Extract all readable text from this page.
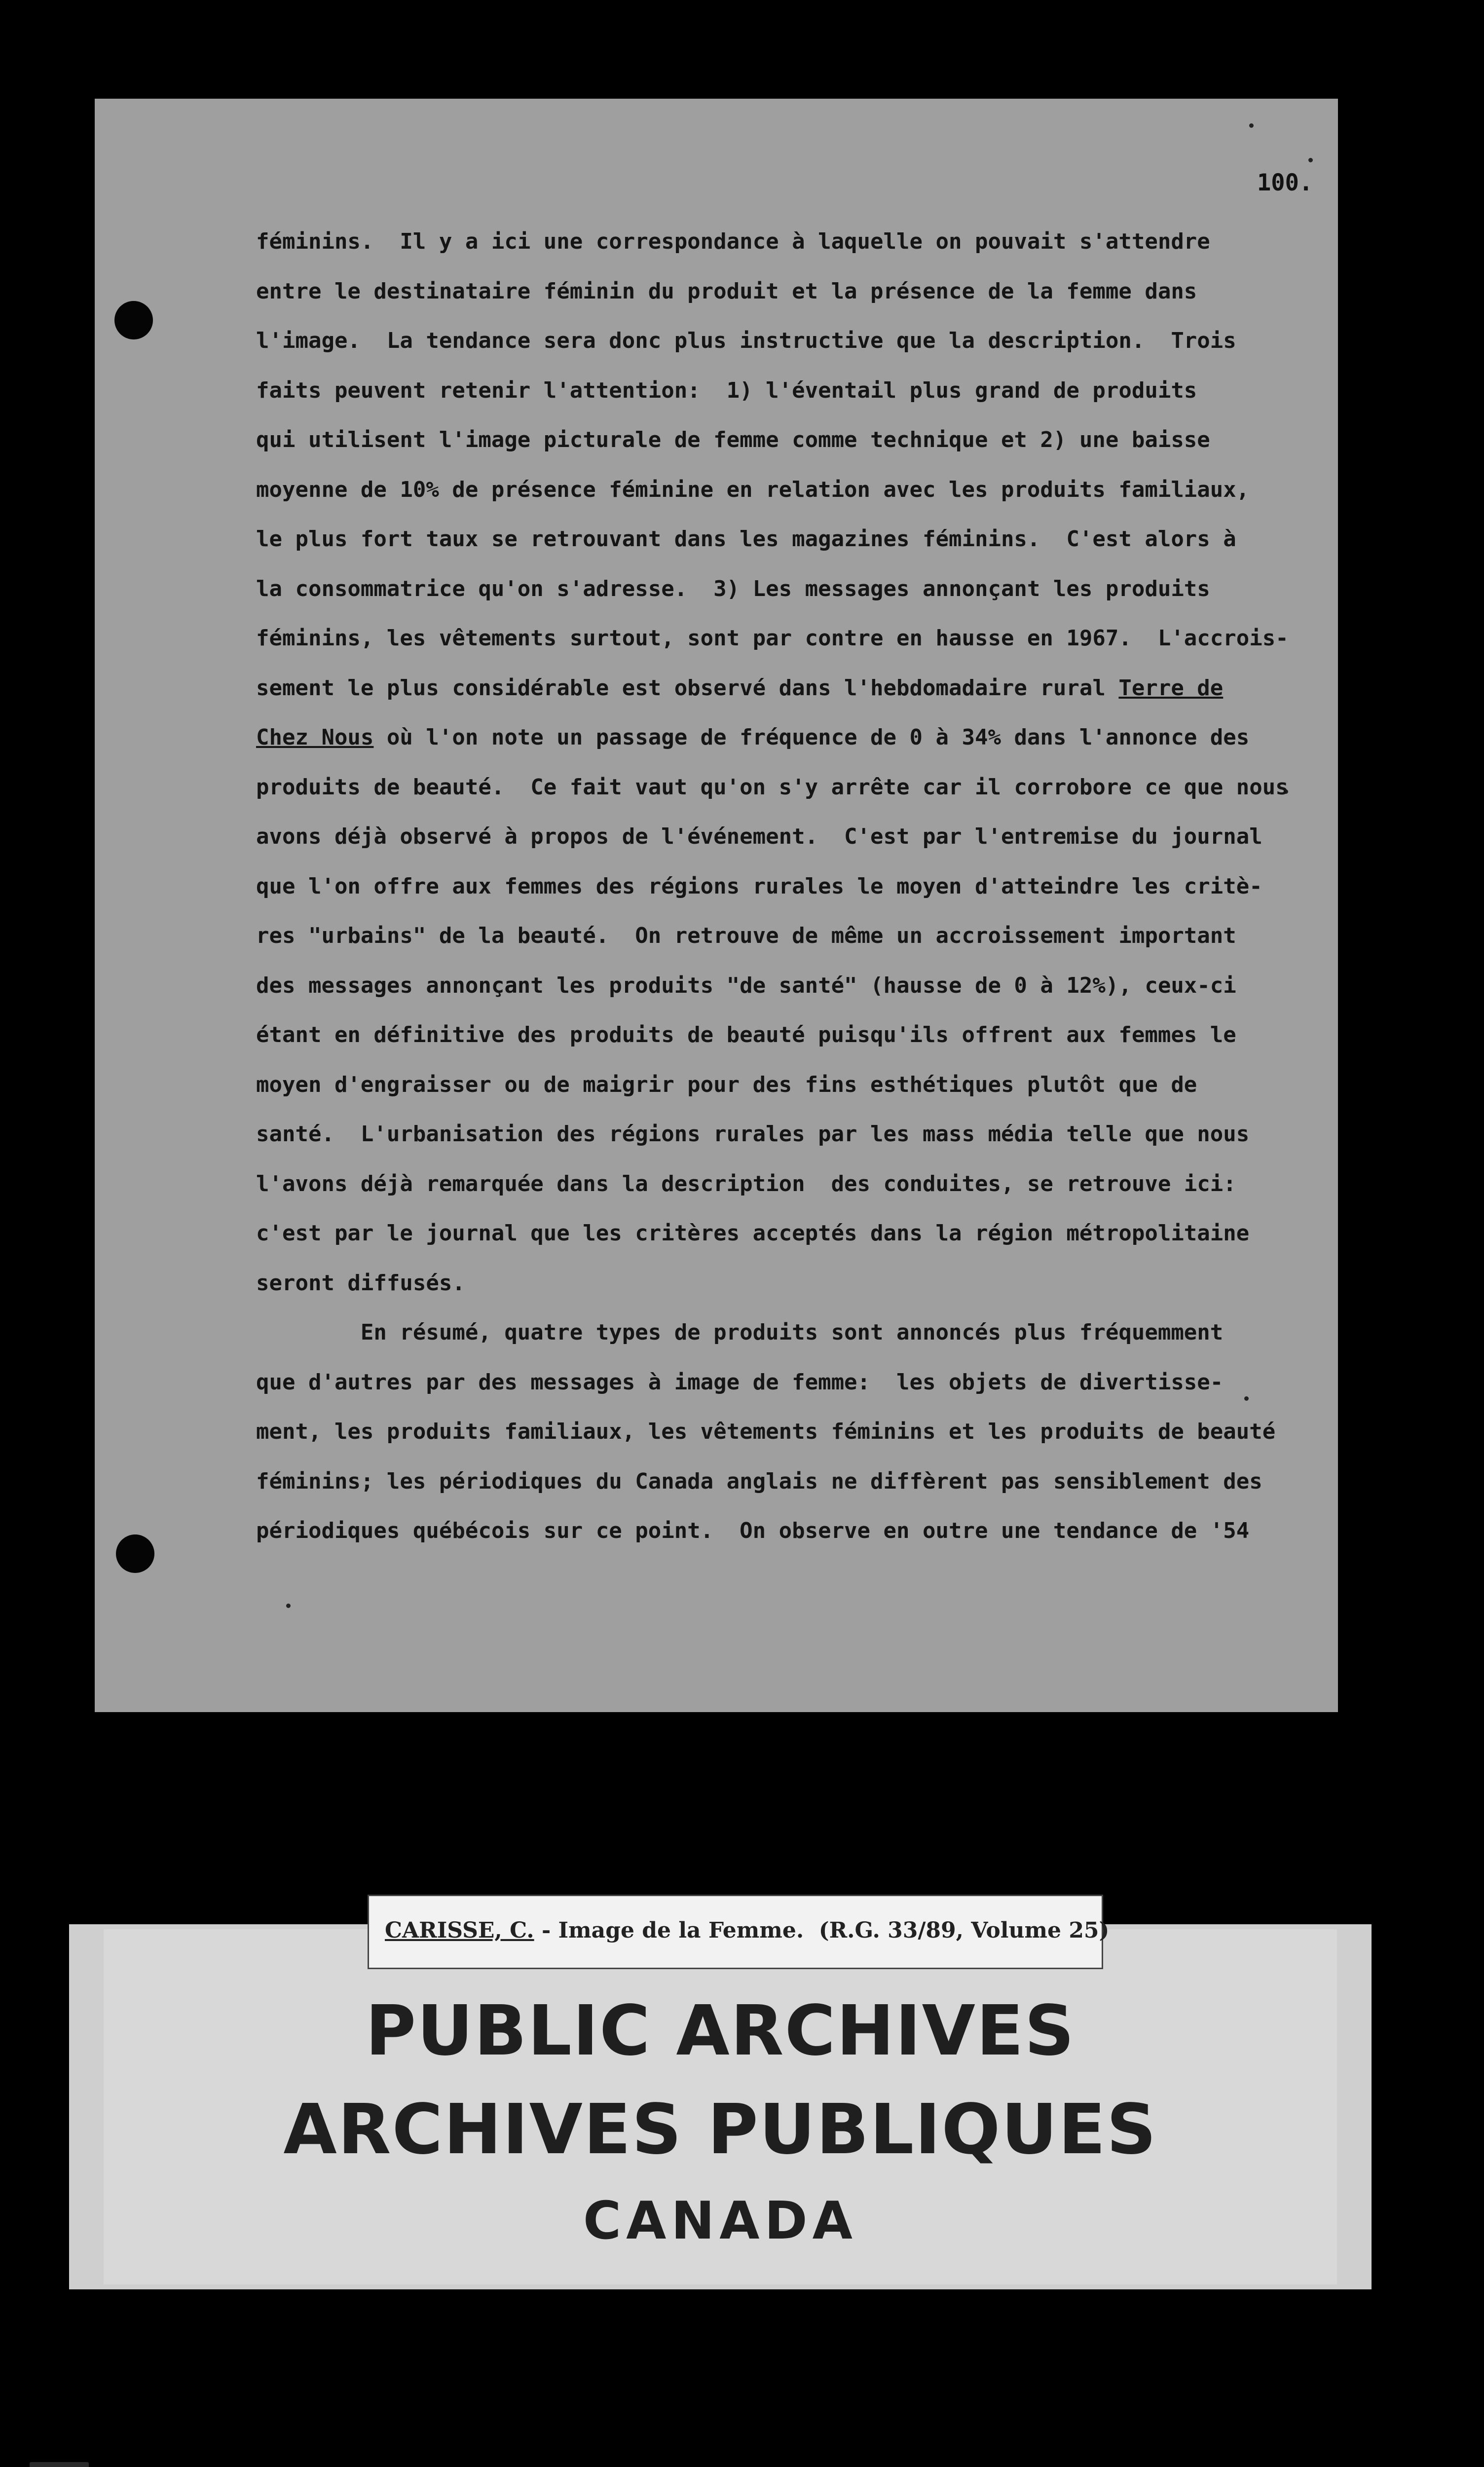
100.

féminins.  Il y a ici une correspondance à laquelle on pouvait s'attendre
entre le destinataire féminin du produit et la présence de la femme dans
l'image.  La tendance sera donc plus instructive que la description.  Trois
faits peuvent retenir l'attention:  1) l'éventail plus grand de produits
qui utilisent l'image picturale de femme comme technique et 2) une baisse
moyenne de 10% de présence féminine en relation avec les produits familiaux,
le plus fort taux se retrouvant dans les magazines féminins.  C'est alors à
la consommatrice qu'on s'adresse.  3) Les messages annonçant les produits
féminins, les vêtements surtout, sont par contre en hausse en 1967.  L'accrois-
sement le plus considérable est observé dans l'hebdomadaire rural Terre de
Chez Nous où l'on note un passage de fréquence de 0 à 34% dans l'annonce des
produits de beauté.  Ce fait vaut qu'on s'y arrête car il corrobore ce que nous
avons déjà observé à propos de l'événement.  C'est par l'entremise du journal
que l'on offre aux femmes des régions rurales le moyen d'atteindre les critè-
res "urbains" de la beauté.  On retrouve de même un accroissement important
des messages annonçant les produits "de santé" (hausse de 0 à 12%), ceux-ci
étant en définitive des produits de beauté puisqu'ils offrent aux femmes le
moyen d'engraisser ou de maigrir pour des fins esthétiques plutôt que de
santé.  L'urbanisation des régions rurales par les mass média telle que nous
l'avons déjà remarquée dans la description  des conduites, se retrouve ici:
c'est par le journal que les critères acceptés dans la région métropolitaine
seront diffusés.
En résumé, quatre types de produits sont annoncés plus fréquemment
que d'autres par des messages à image de femme:  les objets de divertisse-
ment, les produits familiaux, les vêtements féminins et les produits de beauté
féminins; les périodiques du Canada anglais ne diffèrent pas sensiblement des
périodiques québécois sur ce point.  On observe en outre une tendance de '54

CARISSE, C. - Image de la Femme.  (R.G. 33/89, Volume 25)

PUBLIC ARCHIVES

ARCHIVES PUBLIQUES

CANADA
